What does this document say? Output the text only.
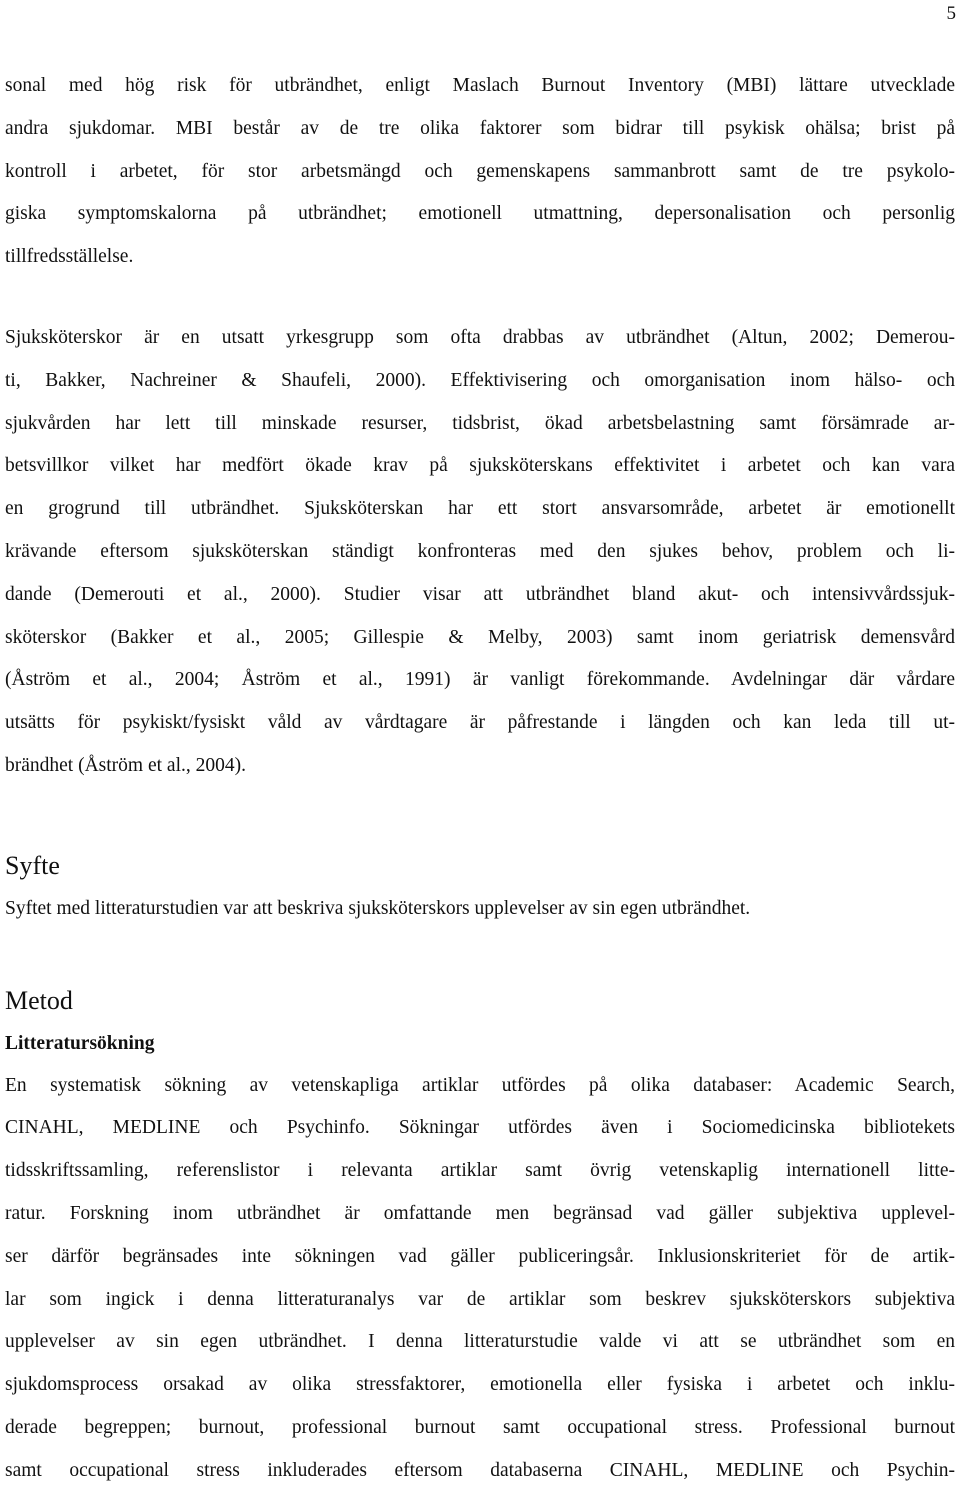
5

sonal med hög risk för utbrändhet, enligt Maslach Burnout Inventory (MBI) lättare utvecklade
andra sjukdomar. MBI består av de tre olika faktorer som bidrar till psykisk ohälsa; brist på
kontroll i arbetet, för stor arbetsmängd och gemenskapens sammanbrott samt de tre psykolo-
giska symptomskalorna på utbrändhet; emotionell utmattning, depersonalisation och personlig
tillfredsställelse.

Sjuksköterskor är en utsatt yrkesgrupp som ofta drabbas av utbrändhet (Altun, 2002; Demerou-
ti, Bakker, Nachreiner & Shaufeli, 2000). Effektivisering och omorganisation inom hälso- och
sjukvården har lett till minskade resurser, tidsbrist, ökad arbetsbelastning samt försämrade ar-
betsvillkor vilket har medfört ökade krav på sjuksköterskans effektivitet i arbetet och kan vara
en grogrund till utbrändhet. Sjuksköterskan har ett stort ansvarsområde, arbetet är emotionellt
krävande eftersom sjuksköterskan ständigt konfronteras med den sjukes behov, problem och li-
dande (Demerouti et al., 2000). Studier visar att utbrändhet bland akut- och intensivvårdssjuk-
sköterskor (Bakker et al., 2005; Gillespie & Melby, 2003) samt inom geriatrisk demensvård
(Åström et al., 2004; Åström et al., 1991) är vanligt förekommande. Avdelningar där vårdare
utsätts för psykiskt/fysiskt våld av vårdtagare är påfrestande i längden och kan leda till ut-
brändhet (Åström et al., 2004).

Syfte

Syftet med litteraturstudien var att beskriva sjuksköterskors upplevelser av sin egen utbrändhet.

Metod
Litteratursökning

En systematisk sökning av vetenskapliga artiklar utfördes på olika databaser: Academic Search,
CINAHL, MEDLINE och Psychinfo. Sökningar utfördes även i Sociomedicinska bibliotekets
tidsskriftssamling, referenslistor i relevanta artiklar samt övrig vetenskaplig internationell litte-
ratur. Forskning inom utbrändhet är omfattande men begränsad vad gäller subjektiva upplevel-
ser därför begränsades inte sökningen vad gäller publiceringsår. Inklusionskriteriet för de artik-
lar som ingick i denna litteraturanalys var de artiklar som beskrev sjuksköterskors subjektiva
upplevelser av sin egen utbrändhet. I denna litteraturstudie valde vi att se utbrändhet som en
sjukdomsprocess orsakad av olika stressfaktorer, emotionella eller fysiska i arbetet och inklu-
derade begreppen; burnout, professional burnout samt occupational stress. Professional burnout
samt occupational stress inkluderades eftersom databaserna CINAHL, MEDLINE och Psychin-
